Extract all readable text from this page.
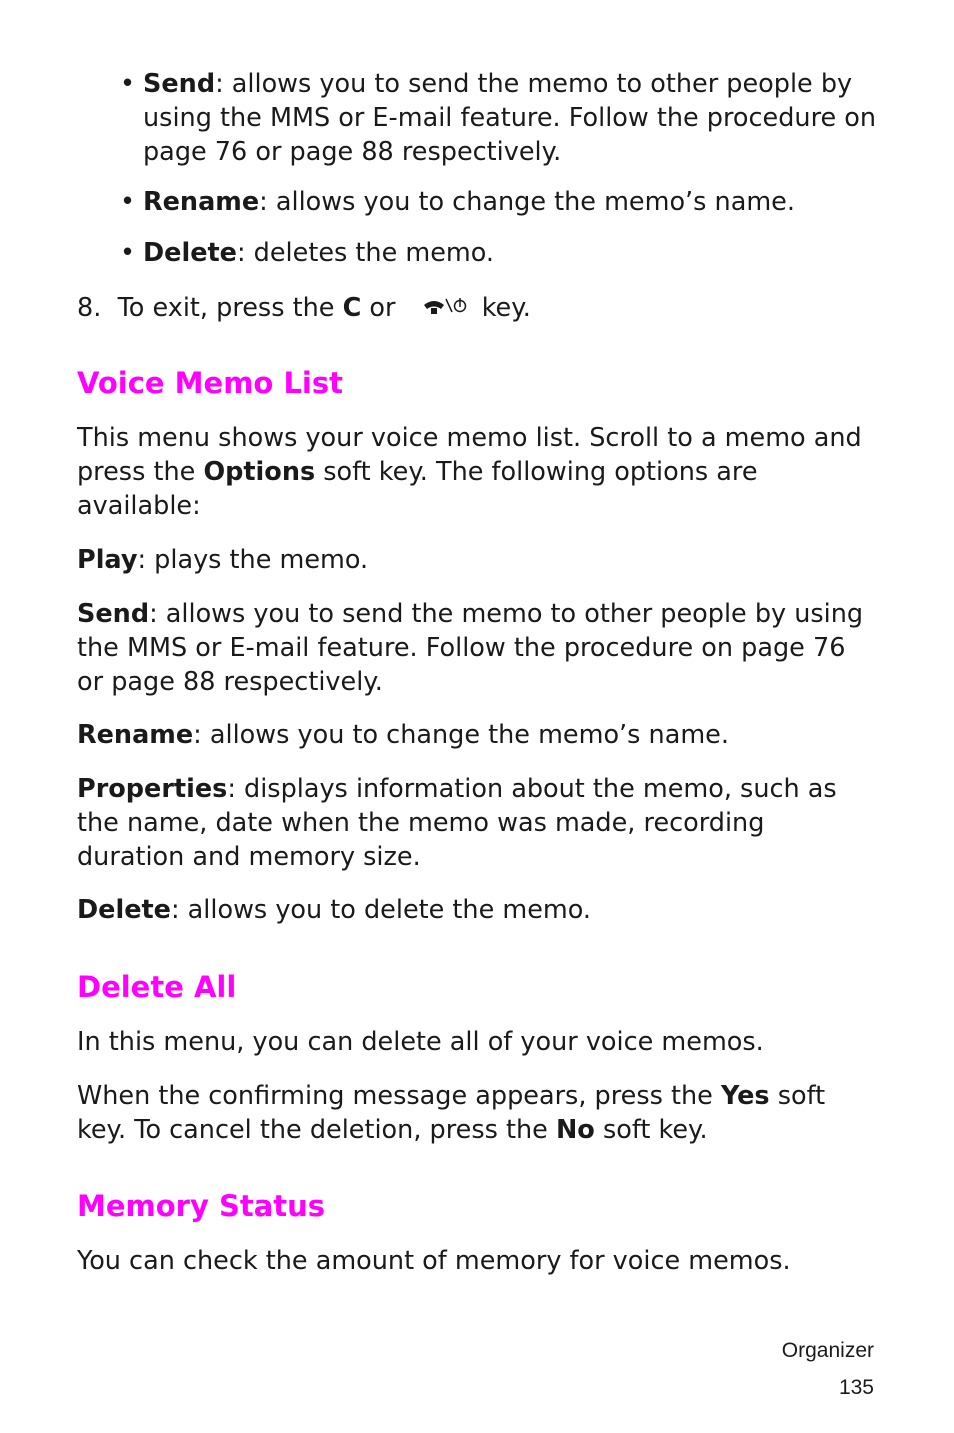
• Send: allows you to send the memo to other people by using the MMS or E-mail feature. Follow the procedure on page 76 or page 88 respectively.

• Rename: allows you to change the memo’s name.

• Delete: deletes the memo.

8. To exit, press the C or	key.

Voice Memo List

This menu shows your voice memo list. Scroll to a memo and press the Options soft key. The following options are available:

Play: plays the memo.

Send: allows you to send the memo to other people by using the MMS or E-mail feature. Follow the procedure on page 76 or page 88 respectively.

Rename: allows you to change the memo’s name.

Properties: displays information about the memo, such as the name, date when the memo was made, recording duration and memory size.

Delete: allows you to delete the memo.

Delete All

In this menu, you can delete all of your voice memos.

When the confirming message appears, press the Yes soft key. To cancel the deletion, press the No soft key.

Memory Status

You can check the amount of memory for voice memos.

Organizer
135
